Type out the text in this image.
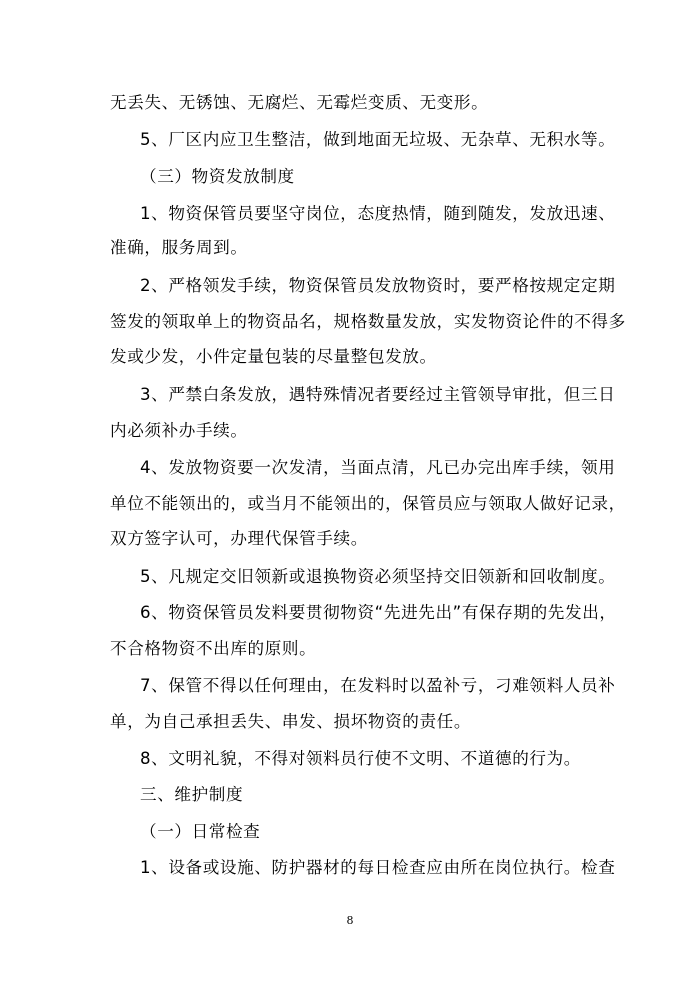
无丢失、无锈蚀、无腐烂、无霉烂变质、无变形。

5、厂区内应卫生整洁，做到地面无垃圾、无杂草、无积水等。

（三）物资发放制度

1、物资保管员要坚守岗位，态度热情，随到随发，发放迅速、

准确，服务周到。

2、严格领发手续，物资保管员发放物资时，要严格按规定定期

签发的领取单上的物资品名，规格数量发放，实发物资论件的不得多

发或少发，小件定量包装的尽量整包发放。

3、严禁白条发放，遇特殊情况者要经过主管领导审批，但三日

内必须补办手续。

4、发放物资要一次发清，当面点清，凡已办完出库手续，领用

单位不能领出的，或当月不能领出的，保管员应与领取人做好记录，

双方签字认可，办理代保管手续。

5、凡规定交旧领新或退换物资必须坚持交旧领新和回收制度。

6、物资保管员发料要贯彻物资“先进先出”有保存期的先发出，

不合格物资不出库的原则。

7、保管不得以任何理由，在发料时以盈补亏，刁难领料人员补

单，为自己承担丢失、串发、损坏物资的责任。

8、文明礼貌，不得对领料员行使不文明、不道德的行为。

三、维护制度

（一）日常检查

1、设备或设施、防护器材的每日检查应由所在岗位执行。检查

8
